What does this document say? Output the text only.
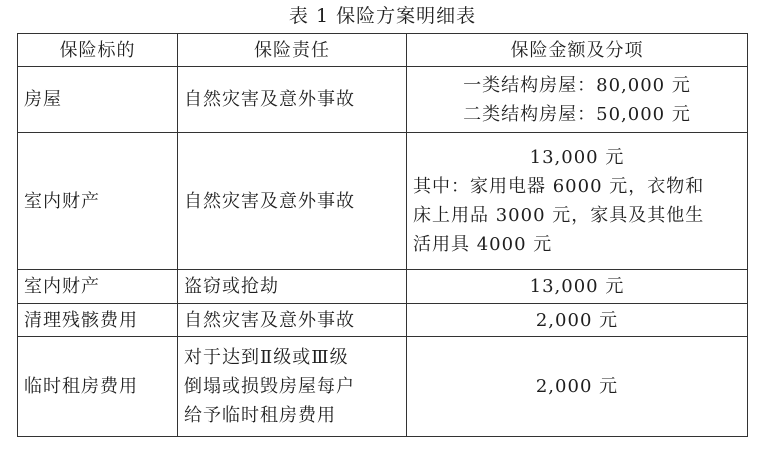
表 1 保险方案明细表
保险标的	保险责任	保险金额及分项
房屋	自然灾害及意外事故	一类结构房屋：80,000 元
二类结构房屋：50,000 元

室内财产	自然灾害及意外事故	13,000 元
其中：家用电器 6000 元，衣物和
床上用品 3000 元，家具及其他生
活用具 4000 元

室内财产	盗窃或抢劫	13,000 元

清理残骸费用	自然灾害及意外事故	2,000 元

临时租房费用	对于达到Ⅱ级或Ⅲ级
倒塌或损毁房屋每户
给予临时租房费用	2,000 元
